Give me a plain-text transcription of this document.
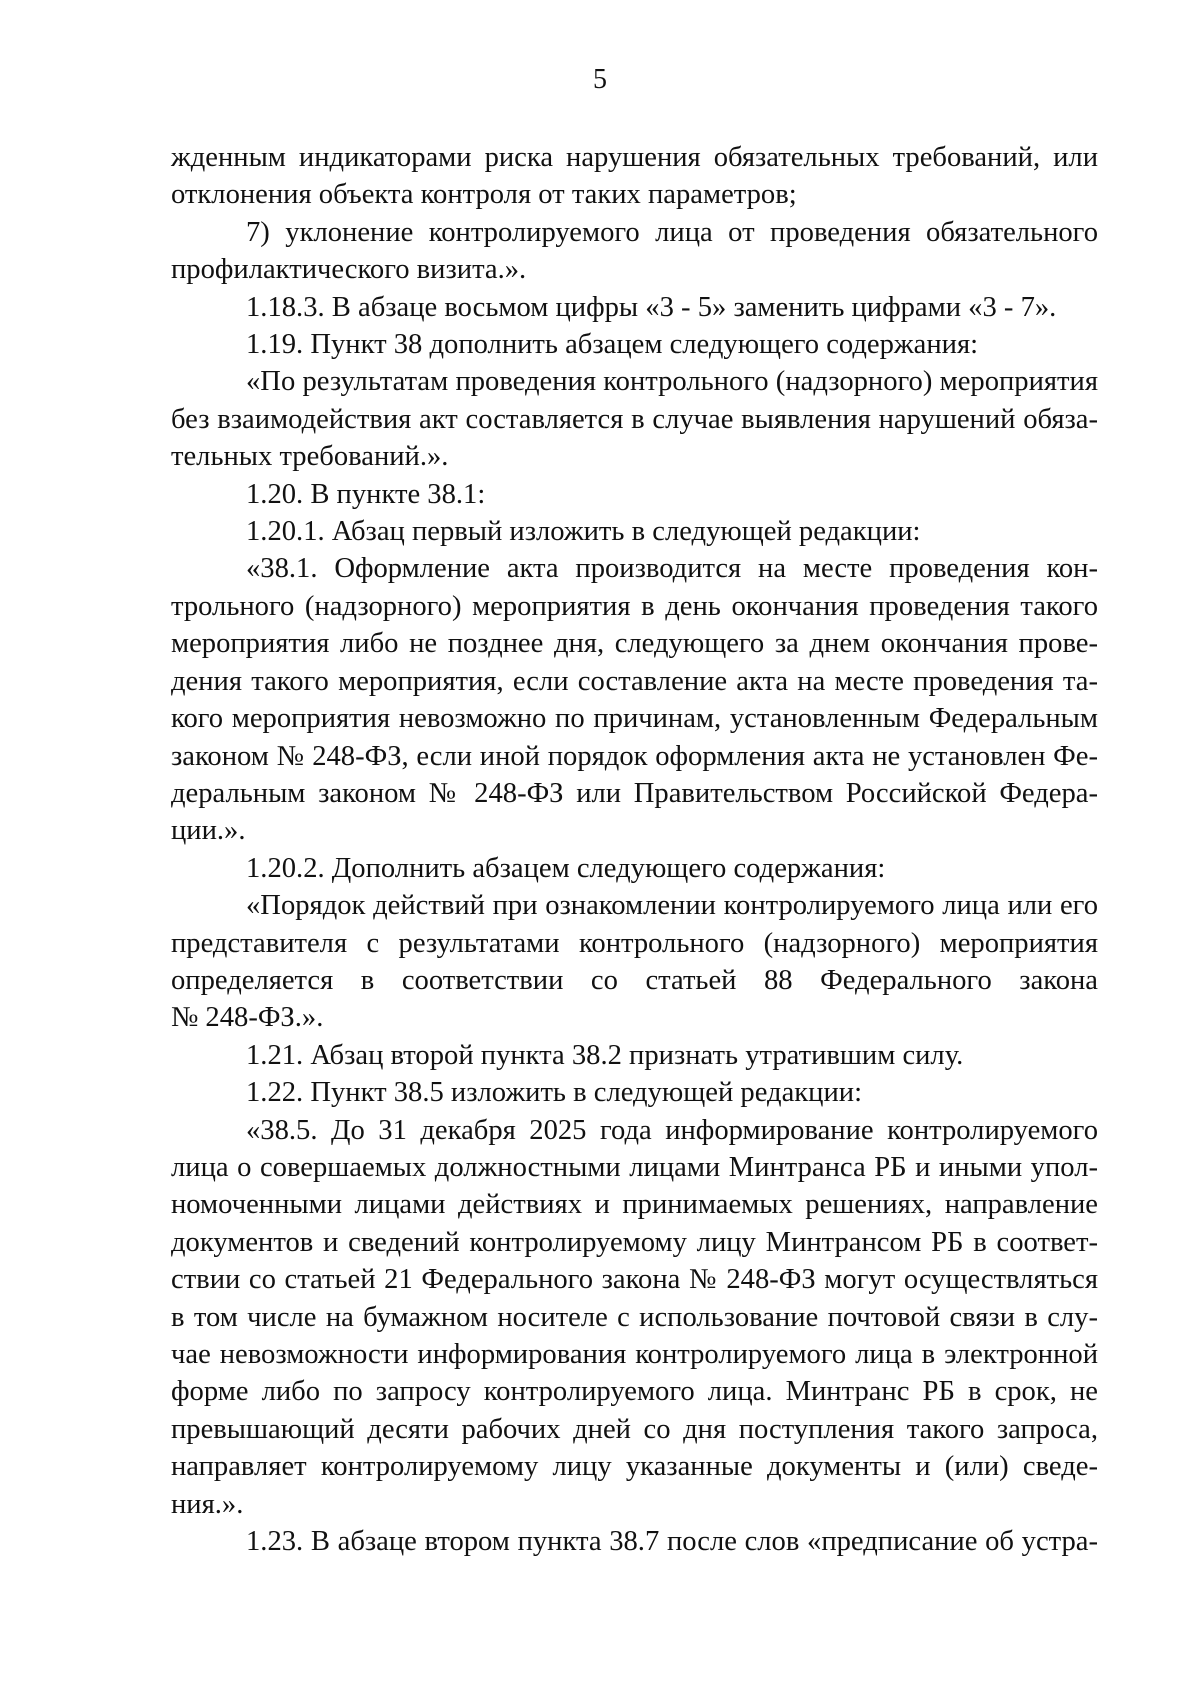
5
жденным индикаторами риска нарушения обязательных требований, или
отклонения объекта контроля от таких параметров;
7) уклонение контролируемого лица от проведения обязательного
профилактического визита.».
1.18.3. В абзаце восьмом цифры «3 - 5» заменить цифрами «3 - 7».
1.19. Пункт 38 дополнить абзацем следующего содержания:
«По результатам проведения контрольного (надзорного) мероприятия
без взаимодействия акт составляется в случае выявления нарушений обяза-
тельных требований.».
1.20. В пункте 38.1:
1.20.1. Абзац первый изложить в следующей редакции:
«38.1. Оформление акта производится на месте проведения кон-
трольного (надзорного) мероприятия в день окончания проведения такого
мероприятия либо не позднее дня, следующего за днем окончания прове-
дения такого мероприятия, если составление акта на месте проведения та-
кого мероприятия невозможно по причинам, установленным Федеральным
законом № 248-ФЗ, если иной порядок оформления акта не установлен Фе-
деральным законом № 248-ФЗ или Правительством Российской Федера-
ции.».
1.20.2. Дополнить абзацем следующего содержания:
«Порядок действий при ознакомлении контролируемого лица или его
представителя с результатами контрольного (надзорного) мероприятия
определяется в соответствии со статьей 88 Федерального закона
№ 248-ФЗ.».
1.21. Абзац второй пункта 38.2 признать утратившим силу.
1.22. Пункт 38.5 изложить в следующей редакции:
«38.5. До 31 декабря 2025 года информирование контролируемого
лица о совершаемых должностными лицами Минтранса РБ и иными упол-
номоченными лицами действиях и принимаемых решениях, направление
документов и сведений контролируемому лицу Минтрансом РБ в соответ-
ствии со статьей 21 Федерального закона № 248-ФЗ могут осуществляться
в том числе на бумажном носителе с использование почтовой связи в слу-
чае невозможности информирования контролируемого лица в электронной
форме либо по запросу контролируемого лица. Минтранс РБ в срок, не
превышающий десяти рабочих дней со дня поступления такого запроса,
направляет контролируемому лицу указанные документы и (или) сведе-
ния.».
1.23. В абзаце втором пункта 38.7 после слов «предписание об устра-
